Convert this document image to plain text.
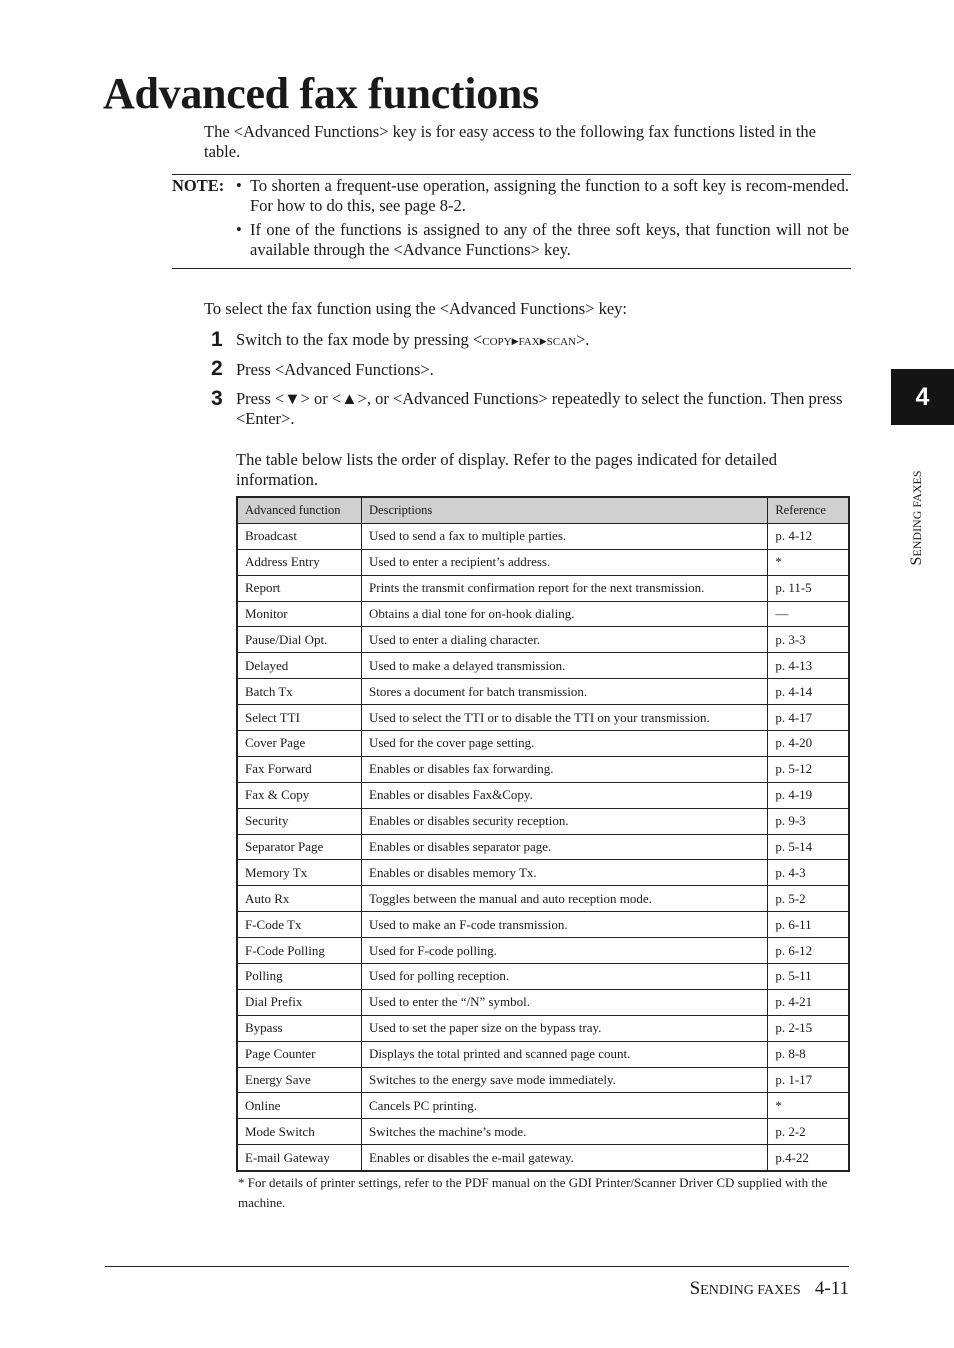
Advanced fax functions
The <Advanced Functions> key is for easy access to the following fax functions listed in the table.
NOTE: • To shorten a frequent-use operation, assigning the function to a soft key is recom-mended. For how to do this, see page 8-2.
• If one of the functions is assigned to any of the three soft keys, that function will not be available through the <Advance Functions> key.
To select the fax function using the <Advanced Functions> key:
1 Switch to the fax mode by pressing <COPY▶FAX▶SCAN>.
2 Press <Advanced Functions>.
3 Press <▼> or <▲>, or <Advanced Functions> repeatedly to select the function. Then press <Enter>.
The table below lists the order of display. Refer to the pages indicated for detailed information.
Advanced function	Descriptions	Reference
Broadcast	Used to send a fax to multiple parties.	p. 4-12
Address Entry	Used to enter a recipient’s address.	*
Report	Prints the transmit confirmation report for the next transmission.	p. 11-5
Monitor	Obtains a dial tone for on-hook dialing.	—
Pause/Dial Opt.	Used to enter a dialing character.	p. 3-3
Delayed	Used to make a delayed transmission.	p. 4-13
Batch Tx	Stores a document for batch transmission.	p. 4-14
Select TTI	Used to select the TTI or to disable the TTI on your transmission.	p. 4-17
Cover Page	Used for the cover page setting.	p. 4-20
Fax Forward	Enables or disables fax forwarding.	p. 5-12
Fax & Copy	Enables or disables Fax&Copy.	p. 4-19
Security	Enables or disables security reception.	p. 9-3
Separator Page	Enables or disables separator page.	p. 5-14
Memory Tx	Enables or disables memory Tx.	p. 4-3
Auto Rx	Toggles between the manual and auto reception mode.	p. 5-2
F-Code Tx	Used to make an F-code transmission.	p. 6-11
F-Code Polling	Used for F-code polling.	p. 6-12
Polling	Used for polling reception.	p. 5-11
Dial Prefix	Used to enter the “/N” symbol.	p. 4-21
Bypass	Used to set the paper size on the bypass tray.	p. 2-15
Page Counter	Displays the total printed and scanned page count.	p. 8-8
Energy Save	Switches to the energy save mode immediately.	p. 1-17
Online	Cancels PC printing.	*
Mode Switch	Switches the machine’s mode.	p. 2-2
E-mail Gateway	Enables or disables the e-mail gateway.	p.4-22
* For details of printer settings, refer to the PDF manual on the GDI Printer/Scanner Driver CD supplied with the machine.
SENDING FAXES 4-11
4
SENDING FAXES
